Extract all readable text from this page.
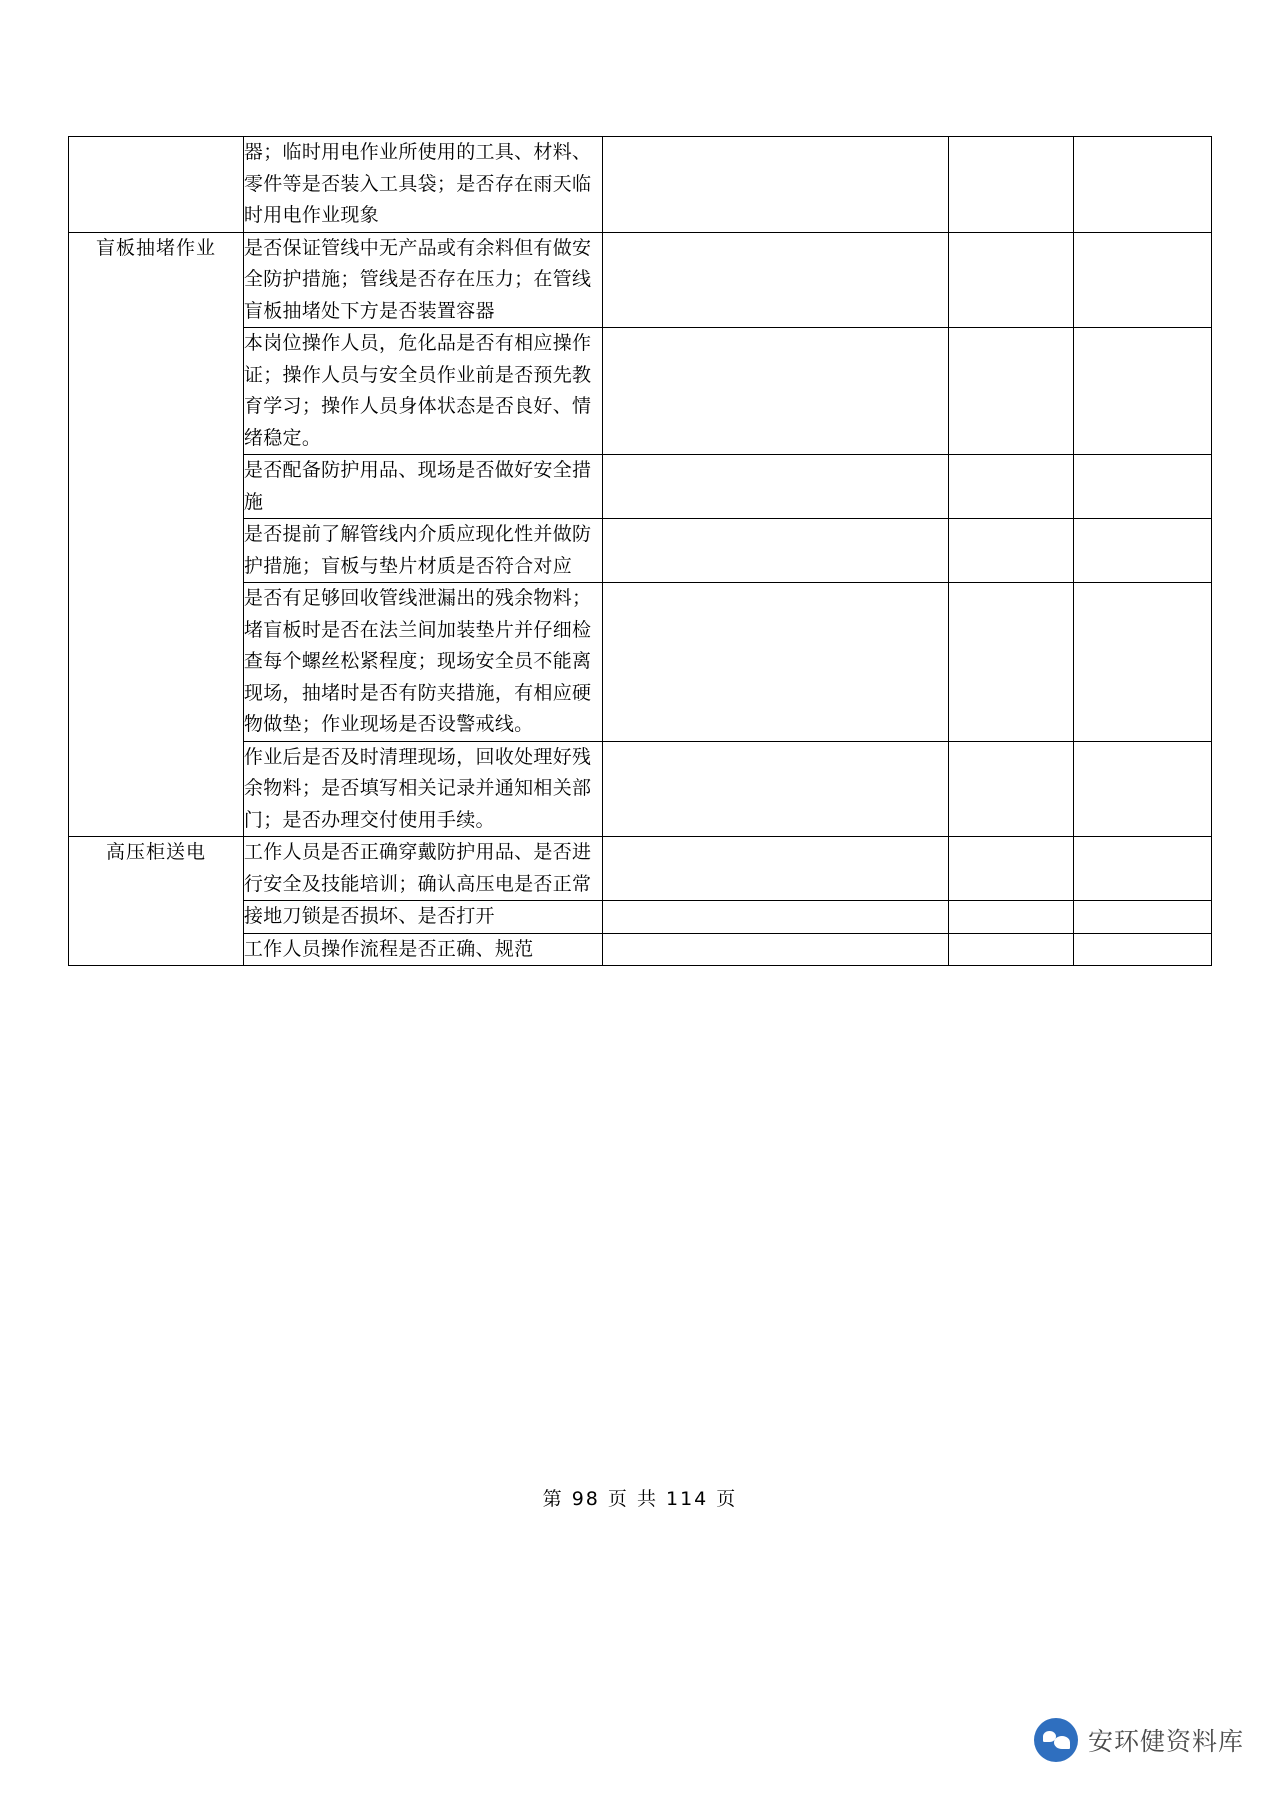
	器；临时用电作业所使用的工具、材料、零件等是否装入工具袋；是否存在雨天临时用电作业现象			
盲板抽堵作业	是否保证管线中无产品或有余料但有做安全防护措施；管线是否存在压力；在管线盲板抽堵处下方是否装置容器			
	本岗位操作人员，危化品是否有相应操作证；操作人员与安全员作业前是否预先教育学习；操作人员身体状态是否良好、情绪稳定。			
	是否配备防护用品、现场是否做好安全措施			
	是否提前了解管线内介质应现化性并做防护措施；盲板与垫片材质是否符合对应			
	是否有足够回收管线泄漏出的残余物料；堵盲板时是否在法兰间加装垫片并仔细检查每个螺丝松紧程度；现场安全员不能离现场，抽堵时是否有防夹措施，有相应硬物做垫；作业现场是否设警戒线。			
	作业后是否及时清理现场，回收处理好残余物料；是否填写相关记录并通知相关部门；是否办理交付使用手续。			
高压柜送电	工作人员是否正确穿戴防护用品、是否进行安全及技能培训；确认高压电是否正常			
	接地刀锁是否损坏、是否打开			
	工作人员操作流程是否正确、规范			
第 98 页 共 114 页
安环健资料库
